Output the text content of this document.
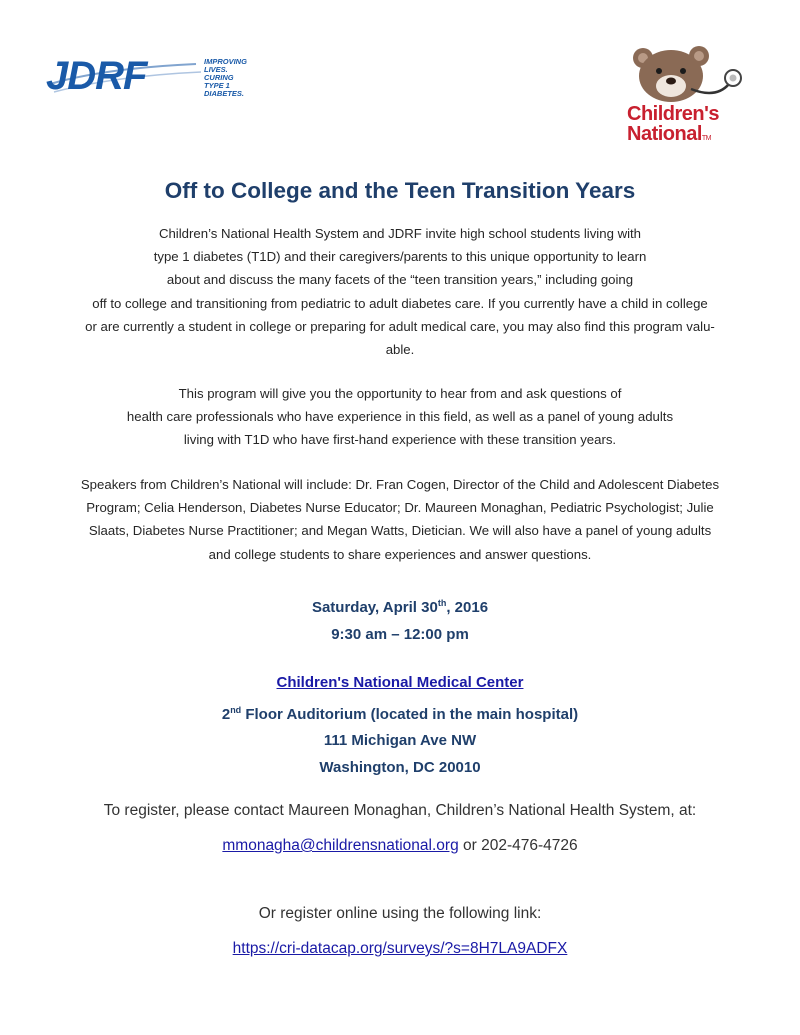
JDRF	IMPROVING
LIVES.
CURING
TYPE 1
DIABETES.
Children's
NationalTM
Off to College and the Teen Transition Years
Children’s National Health System and JDRF invite high school students living with
type 1 diabetes (T1D) and their caregivers/parents to this unique opportunity to learn
about and discuss the many facets of the “teen transition years,” including going
off to college and transitioning from pediatric to adult diabetes care. If you currently have a child in college
or are currently a student in college or preparing for adult medical care, you may also find this program valu-
able.
This program will give you the opportunity to hear from and ask questions of
health care professionals who have experience in this field, as well as a panel of young adults
living with T1D who have first-hand experience with these transition years.
Speakers from Children’s National will include: Dr. Fran Cogen, Director of the Child and Adolescent Diabetes
Program; Celia Henderson, Diabetes Nurse Educator; Dr. Maureen Monaghan, Pediatric Psychologist; Julie
Slaats, Diabetes Nurse Practitioner; and Megan Watts, Dietician. We will also have a panel of young adults
and college students to share experiences and answer questions.
Saturday, April 30th, 2016
9:30 am – 12:00 pm
Children's National Medical Center
2nd Floor Auditorium (located in the main hospital)
111 Michigan Ave NW
Washington, DC 20010
To register, please contact Maureen Monaghan, Children’s National Health System, at:
mmonagha@childrensnational.org or 202-476-4726
Or register online using the following link:
https://cri-datacap.org/surveys/?s=8H7LA9ADFX
